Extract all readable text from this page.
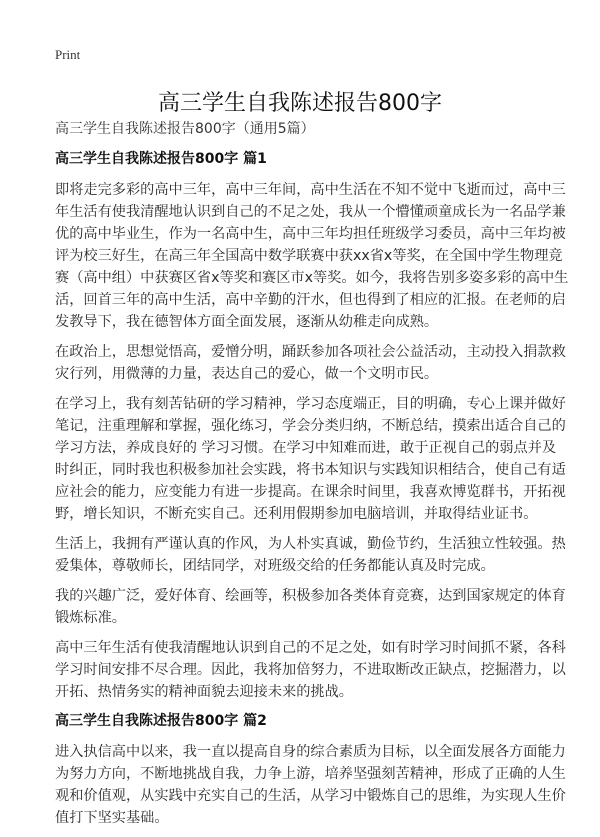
Print
高三学生自我陈述报告800字
高三学生自我陈述报告800字（通用5篇）
高三学生自我陈述报告800字 篇1
即将走完多彩的高中三年，高中三年间，高中生活在不知不觉中飞逝而过，高中三
年生活有使我清醒地认识到自己的不足之处，我从一个懵懂顽童成长为一名品学兼
优的高中毕业生，作为一名高中生，高中三年均担任班级学习委员，高中三年均被
评为校三好生，在高三年全国高中数学联赛中获xx省x等奖，在全国中学生物理竞
赛（高中组）中获赛区省x等奖和赛区市x等奖。如今，我将告别多姿多彩的高中生
活，回首三年的高中生活，高中辛勤的汗水，但也得到了相应的汇报。在老师的启
发教导下，我在德智体方面全面发展，逐渐从幼稚走向成熟。
在政治上，思想觉悟高，爱憎分明，踊跃参加各项社会公益活动，主动投入捐款救
灾行列，用微薄的力量，表达自己的爱心，做一个文明市民。
在学习上，我有刻苦钻研的学习精神，学习态度端正，目的明确，专心上课并做好
笔记，注重理解和掌握，强化练习，学会分类归纳，不断总结，摸索出适合自己的
学习方法，养成良好的 学习习惯。在学习中知难而进，敢于正视自己的弱点并及
时纠正，同时我也积极参加社会实践，将书本知识与实践知识相结合，使自己有适
应社会的能力，应变能力有进一步提高。在课余时间里，我喜欢博览群书，开拓视
野，增长知识，不断充实自己。还利用假期参加电脑培训，并取得结业证书。
生活上，我拥有严谨认真的作风，为人朴实真诚，勤俭节约，生活独立性较强。热
爱集体，尊敬师长，团结同学，对班级交给的任务都能认真及时完成。
我的兴趣广泛，爱好体育、绘画等，积极参加各类体育竞赛，达到国家规定的体育
锻炼标准。
高中三年生活有使我清醒地认识到自己的不足之处，如有时学习时间抓不紧，各科
学习时间安排不尽合理。因此，我将加倍努力，不进取断改正缺点，挖掘潜力，以
开拓、热情务实的精神面貌去迎接未来的挑战。
高三学生自我陈述报告800字 篇2
进入执信高中以来，我一直以提高自身的综合素质为目标，以全面发展各方面能力
为努力方向，不断地挑战自我，力争上游，培养坚强刻苦精神，形成了正确的人生
观和价值观，从实践中充实自己的生活，从学习中锻炼自己的思维，为实现人生价
值打下坚实基础。
